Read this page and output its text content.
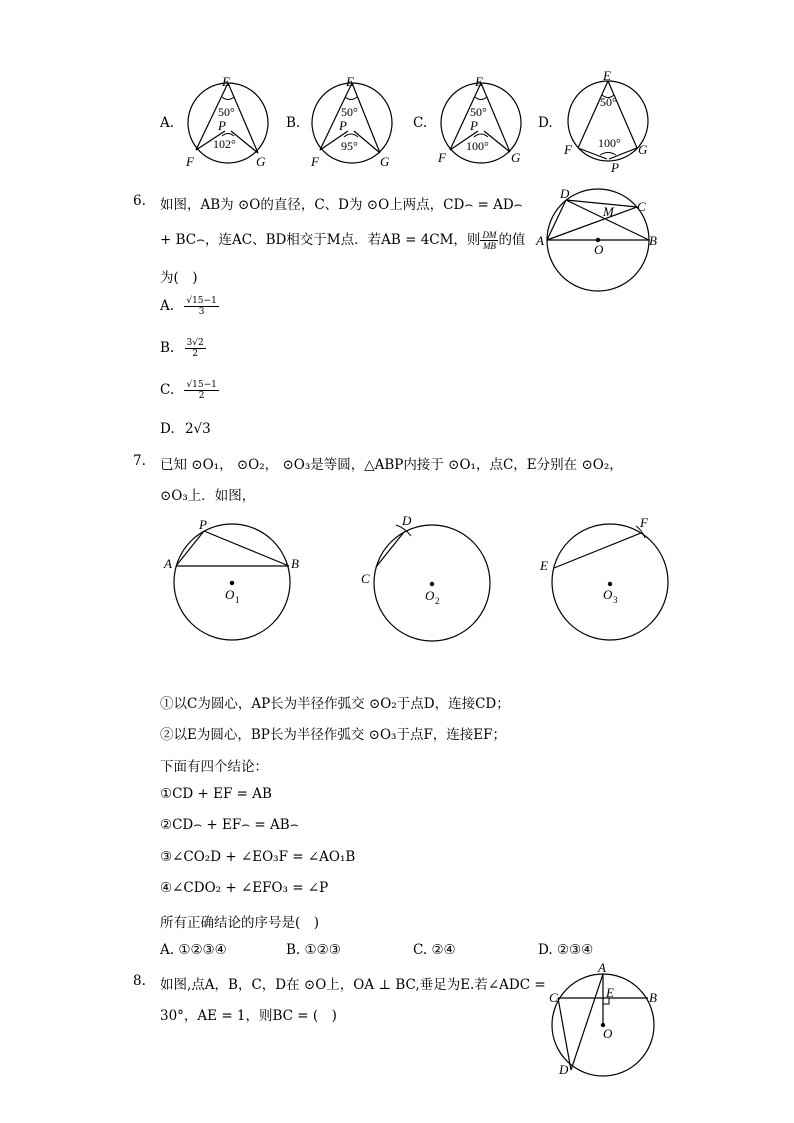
A.
E
F	G
P
50°
102°
B.
E
F	G
P
50°
95°
C.
E
F	G
P
50°
100°
D.
E
F	G
P
50°
100°
6. 如图，AB为 ⊙O的直径，C、D为 ⊙O上两点，CD⌢ = AD⌢
+ BC⌢，连AC、BD相交于M点．若AB = 4CM，则 $\frac{DM}{MB}$ 的值
为(　)
A. $\frac{√15-1}{3}$
B. $\frac{3√2}{2}$
C. $\frac{√15-1}{2}$
D. 2√3
D
C
M
A	B
O
7. 已知 ⊙O₁， ⊙O₂， ⊙O₃是等圆，△ABP内接于 ⊙O₁，点C，E分别在 ⊙O₂，
⊙O₃上．如图，
P
A	B
O 1
D
C
O 2
F
E
O 3
①以C为圆心，AP长为半径作弧交 ⊙O₂于点D，连接CD；
②以E为圆心，BP长为半径作弧交 ⊙O₃于点F，连接EF；
下面有四个结论：
①CD + EF = AB
②CD⌢ + EF⌢ = AB⌢
③∠CO₂D + ∠EO₃F = ∠AO₁B
④∠CDO₂ + ∠EFO₃ = ∠P
所有正确结论的序号是(　)
A. ①②③④	B. ①②③	C. ②④	D. ②③④
8. 如图,点A，B，C，D在 ⊙O上，OA ⊥ BC,垂足为E.若∠ADC =
30°，AE = 1，则BC = (　)
A
C	B
E
O
D
